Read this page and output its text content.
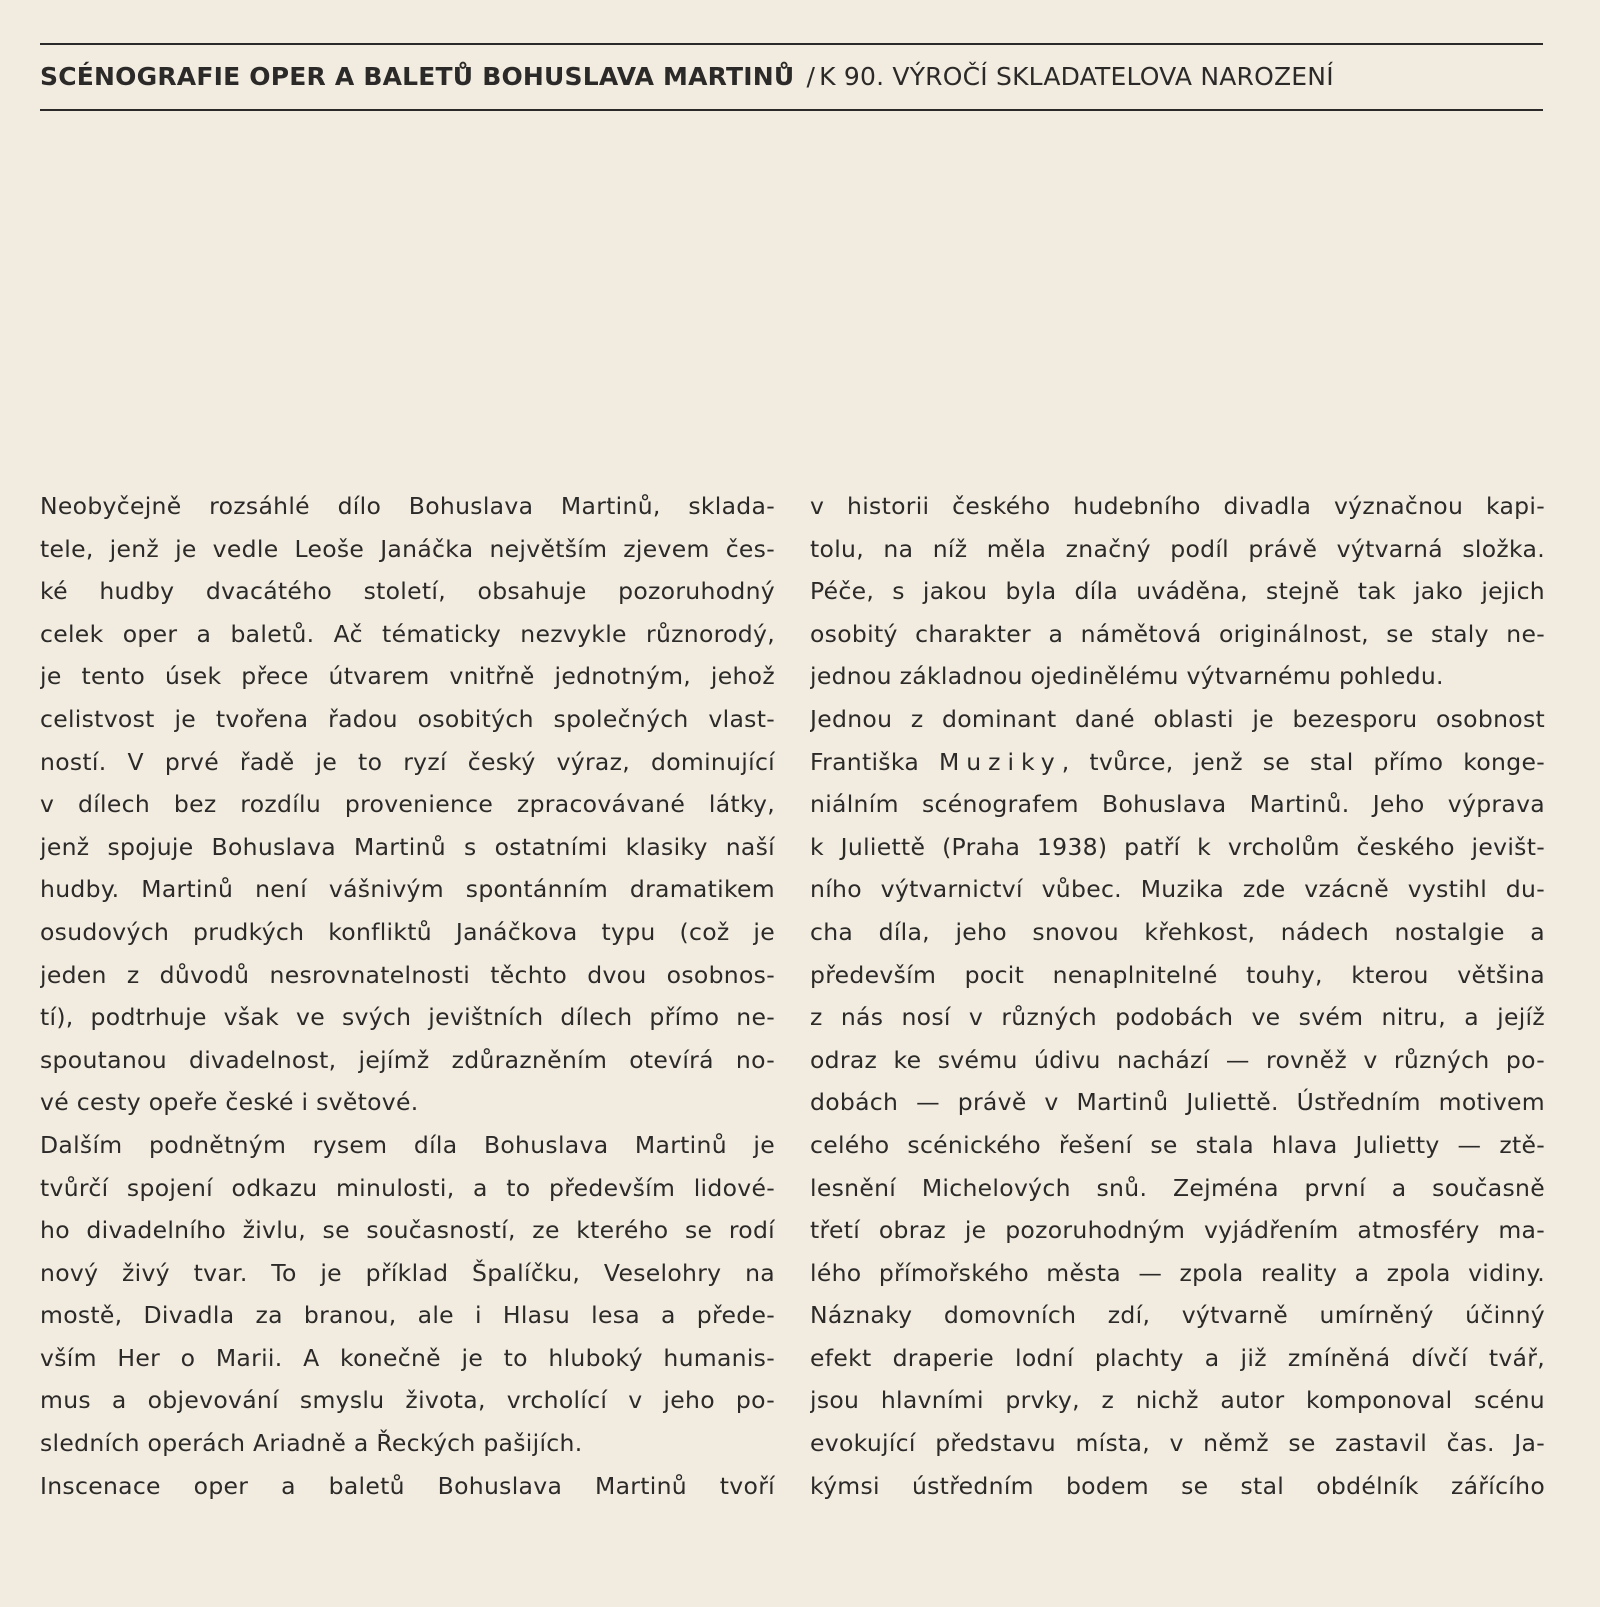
SCÉNOGRAFIE OPER A BALETŮ BOHUSLAVA MARTINŮ / K 90. VÝROČÍ SKLADATELOVA NAROZENÍ
Neobyčejně rozsáhlé dílo Bohuslava Martinů, sklada-
tele, jenž je vedle Leoše Janáčka největším zjevem čes-
ké hudby dvacátého století, obsahuje pozoruhodný
celek oper a baletů. Ač tématicky nezvykle různorodý,
je tento úsek přece útvarem vnitřně jednotným, jehož
celistvost je tvořena řadou osobitých společných vlast-
ností. V prvé řadě je to ryzí český výraz, dominující
v dílech bez rozdílu provenience zpracovávané látky,
jenž spojuje Bohuslava Martinů s ostatními klasiky naší
hudby. Martinů není vášnivým spontánním dramatikem
osudových prudkých konfliktů Janáčkova typu (což je
jeden z důvodů nesrovnatelnosti těchto dvou osobnos-
tí), podtrhuje však ve svých jevištních dílech přímo ne-
spoutanou divadelnost, jejímž zdůrazněním otevírá no-
vé cesty opeře české i světové.
Dalším podnětným rysem díla Bohuslava Martinů je
tvůrčí spojení odkazu minulosti, a to především lidové-
ho divadelního živlu, se současností, ze kterého se rodí
nový živý tvar. To je příklad Špalíčku, Veselohry na
mostě, Divadla za branou, ale i Hlasu lesa a přede-
vším Her o Marii. A konečně je to hluboký humanis-
mus a objevování smyslu života, vrcholící v jeho po-
sledních operách Ariadně a Řeckých pašijích.
Inscenace oper a baletů Bohuslava Martinů tvoří
v historii českého hudebního divadla význačnou kapi-
tolu, na níž měla značný podíl právě výtvarná složka.
Péče, s jakou byla díla uváděna, stejně tak jako jejich
osobitý charakter a námětová originálnost, se staly ne-
jednou základnou ojedinělému výtvarnému pohledu.
Jednou z dominant dané oblasti je bezesporu osobnost
Františka Muziky, tvůrce, jenž se stal přímo konge-
niálním scénografem Bohuslava Martinů. Jeho výprava
k Juliettě (Praha 1938) patří k vrcholům českého jevišt-
ního výtvarnictví vůbec. Muzika zde vzácně vystihl du-
cha díla, jeho snovou křehkost, nádech nostalgie a
především pocit nenaplnitelné touhy, kterou většina
z nás nosí v různých podobách ve svém nitru, a jejíž
odraz ke svému údivu nachází — rovněž v různých po-
dobách — právě v Martinů Juliettě. Ústředním motivem
celého scénického řešení se stala hlava Julietty — ztě-
lesnění Michelových snů. Zejména první a současně
třetí obraz je pozoruhodným vyjádřením atmosféry ma-
lého přímořského města — zpola reality a zpola vidiny.
Náznaky domovních zdí, výtvarně umírněný účinný
efekt draperie lodní plachty a již zmíněná dívčí tvář,
jsou hlavními prvky, z nichž autor komponoval scénu
evokující představu místa, v němž se zastavil čas. Ja-
kýmsi ústředním bodem se stal obdélník zářícího
